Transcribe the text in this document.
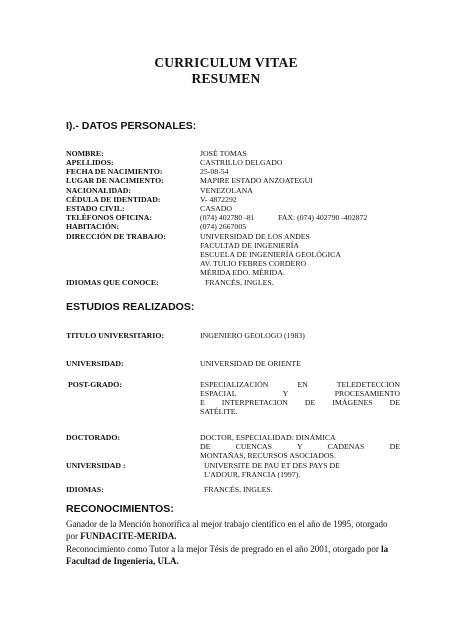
CURRICULUM VITAE
RESUMEN
I).- DATOS PERSONALES:
NOMBRE:	JOSÉ TOMAS
APELLIDOS:	CASTRILLO DELGADO
FECHA DE NACIMIENTO:	25-08-54
LUGAR DE NACIMIENTO:	MAPIRE ESTADO ANZOATEGUI
NACIONALIDAD:	VENEZOLANA
CÉDULA DE IDENTIDAD:	V- 4872292
ESTADO CIVIL:	CASADO
TELÉFONOS OFICINA:	(074) 402780 -81	FAX: (074) 402790 -402872
HABITACIÓN:	(074) 2667005
DIRECCIÓN DE TRABAJO:	UNIVERSIDAD DE LOS ANDES
FACULTAD DE INGENIERÍA
ESCUELA DE INGENIERÍA GEOLÓGICA
AV. TULIO FEBRES CORDERO
MÉRIDA EDO. MÉRIDA.
IDIOMAS QUE CONOCE:	FRANCÉS, INGLES.
ESTUDIOS REALIZADOS:
TITULO UNIVERSITARIO:	INGENIERO GEOLOGO (1983)
UNIVERSIDAD:	UNIVERSIDAD DE ORIENTE
POST-GRADO:	ESPECIALIZACIÓN EN TELEDETECCION
ESPACIAL Y PROCESAMIENTO
E INTERPRETACION DE IMÁGENES DE
SATÉLITE.
DOCTORADO:	DOCTOR, ESPECIALIDAD: DINÁMICA
DE CUENCAS Y CADENAS DE
MONTAÑAS, RECURSOS ASOCIADOS.
UNIVERSIDAD :	UNIVERSITE DE PAU ET DES PAYS DE
L'ADOUR, FRANCIA (1997).
IDIOMAS:	FRANCÉS, INGLES.
RECONOCIMIENTOS:
Ganador de la Mención honorífica al mejor trabajo científico en el año de 1995, otorgado por FUNDACITE-MERIDA.
Reconocimiento como Tutor a la mejor Tésis de pregrado en el año 2001, otorgado por la Facultad de Ingeniería, ULA.
